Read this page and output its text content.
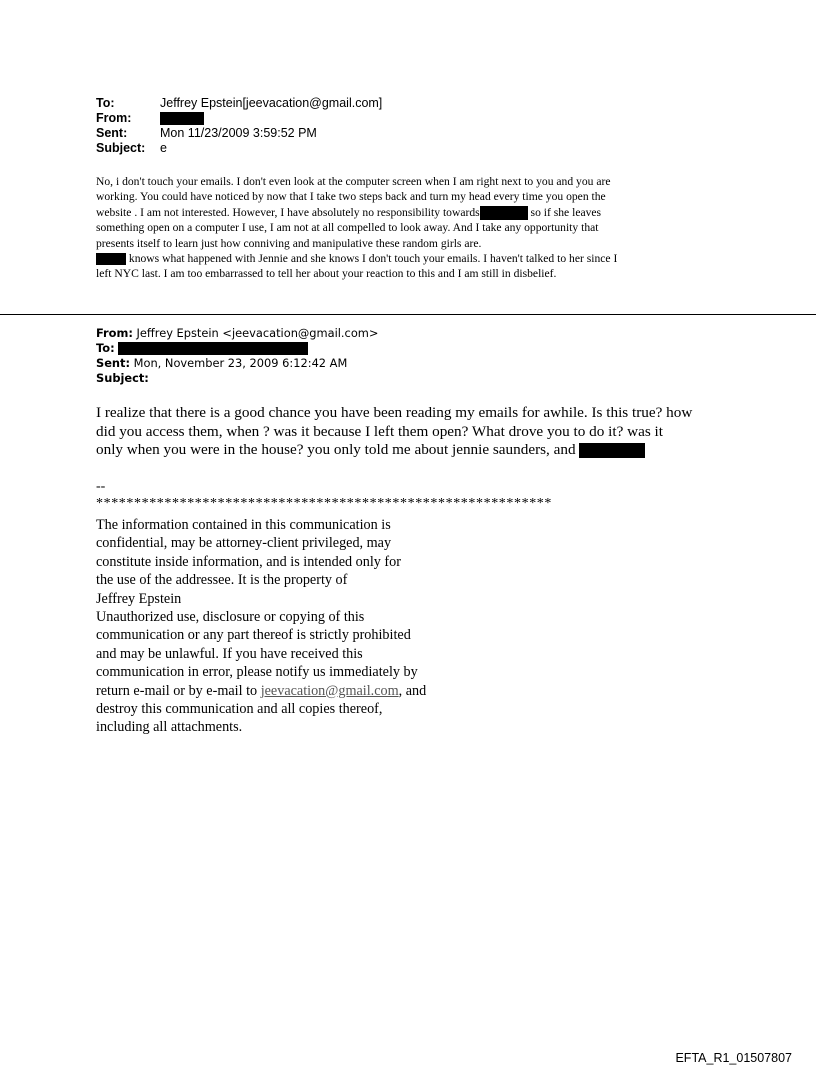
To:	Jeffrey Epstein[jeevacation@gmail.com]
From:
Sent:	Mon 11/23/2009 3:59:52 PM
Subject: e
No, i don't touch your emails. I don't even look at the computer screen when I am right next to you and you are
working. You could have noticed by now that I take two steps back and turn my head every time you open the
website . I am not interested. However, I have absolutely no responsibility towards	so if she leaves
something open on a computer I use, I am not at all compelled to look away. And I take any opportunity that
presents itself to learn just how conniving and manipulative these random girls are.
knows what happened with Jennie and she knows I don't touch your emails. I haven't talked to her since I
left NYC last. I am too embarrassed to tell her about your reaction to this and I am still in disbelief.
From: Jeffrey Epstein <jeevacation@gmail.com>
To:
Sent: Mon, November 23, 2009 6:12:42 AM
Subject:
I realize that there is a good chance you have been reading my emails for awhile. Is this true? how
did you access them, when ? was it because I left them open? What drove you to do it? was it
only when you were in the house? you only told me about jennie saunders, and
--
************************************************************
The information contained in this communication is
confidential, may be attorney-client privileged, may
constitute inside information, and is intended only for
the use of the addressee. It is the property of
Jeffrey Epstein
Unauthorized use, disclosure or copying of this
communication or any part thereof is strictly prohibited
and may be unlawful. If you have received this
communication in error, please notify us immediately by
return e-mail or by e-mail to jeevacation@gmail.com, and
destroy this communication and all copies thereof,
including all attachments.
EFTA_R1_01507807
